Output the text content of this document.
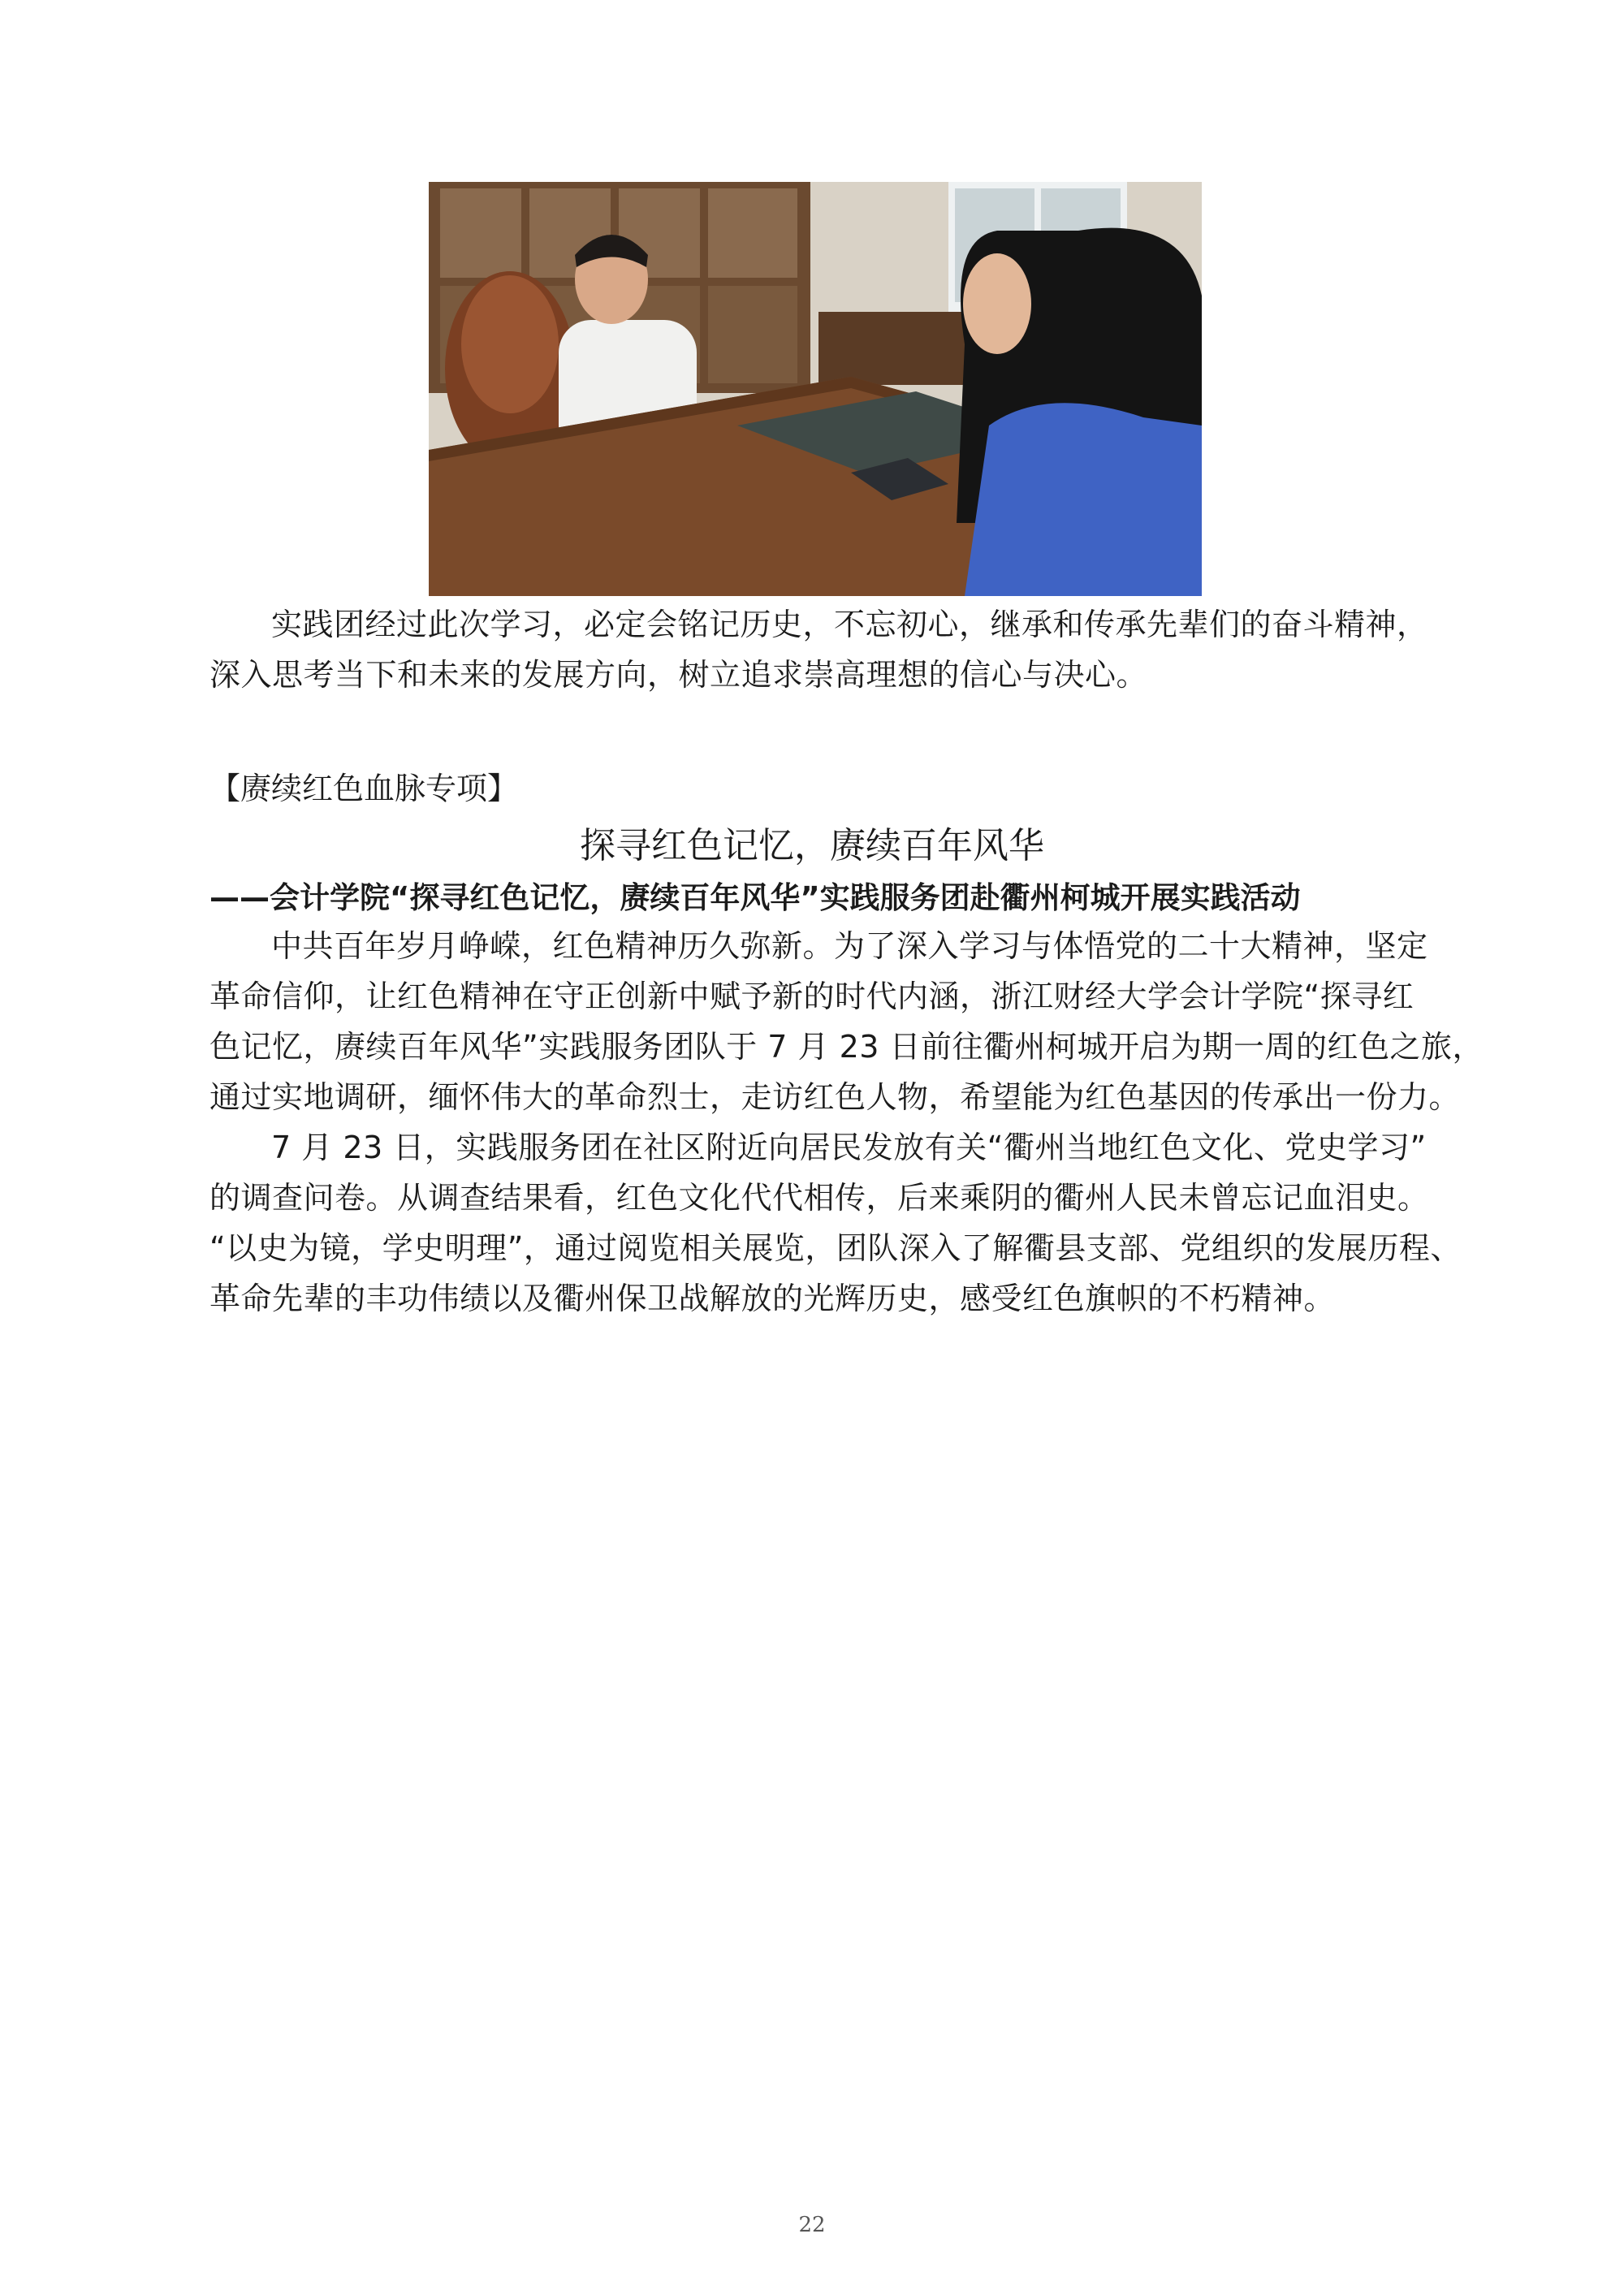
实践团经过此次学习，必定会铭记历史，不忘初心，继承和传承先辈们的奋斗精神，
深入思考当下和未来的发展方向，树立追求崇高理想的信心与决心。
【赓续红色血脉专项】
探寻红色记忆，赓续百年风华
——会计学院“探寻红色记忆，赓续百年风华”实践服务团赴衢州柯城开展实践活动
中共百年岁月峥嵘，红色精神历久弥新。为了深入学习与体悟党的二十大精神，坚定
革命信仰，让红色精神在守正创新中赋予新的时代内涵，浙江财经大学会计学院“探寻红
色记忆，赓续百年风华”实践服务团队于 7 月 23 日前往衢州柯城开启为期一周的红色之旅，
通过实地调研，缅怀伟大的革命烈士，走访红色人物，希望能为红色基因的传承出一份力。
7 月 23 日，实践服务团在社区附近向居民发放有关“衢州当地红色文化、党史学习”
的调查问卷。从调查结果看，红色文化代代相传，后来乘阴的衢州人民未曾忘记血泪史。
“以史为镜，学史明理”，通过阅览相关展览，团队深入了解衢县支部、党组织的发展历程、
革命先辈的丰功伟绩以及衢州保卫战解放的光辉历史，感受红色旗帜的不朽精神。
22
